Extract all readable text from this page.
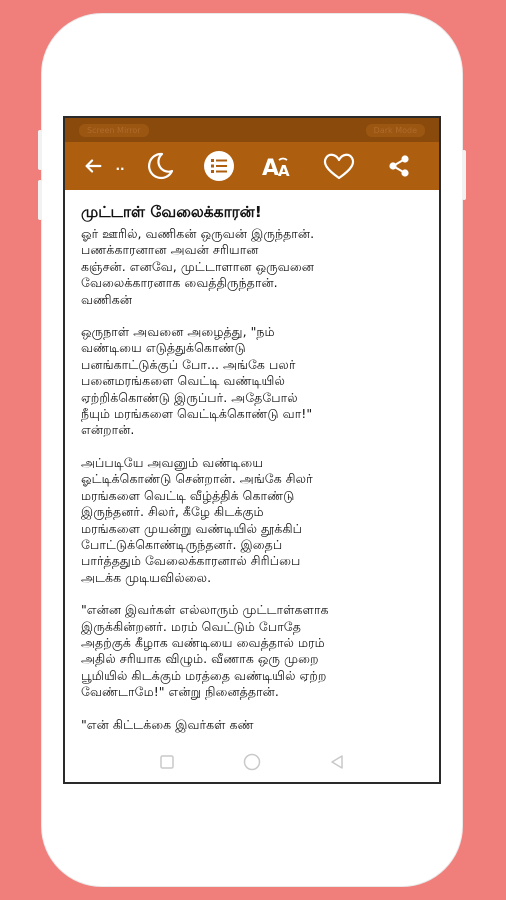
Screen Mirror	Dark Mode
..	A
A

முட்டாள் வேலைக்காரன்!

ஓர் ஊரில், வணிகன் ஒருவன் இருந்தான்.
பணக்காரனான அவன் சரியான
கஞ்சன். எனவே, முட்டாளான ஒருவனை
வேலைக்காரனாக வைத்திருந்தான்.
வணிகன்

ஒருநாள் அவனை அழைத்து, "நம்
வண்டியை எடுத்துக்கொண்டு
பனங்காட்டுக்குப் போ... அங்கே பலர்
பனைமரங்களை வெட்டி வண்டியில்
ஏற்றிக்கொண்டு இருப்பர். அதேபோல்
நீயும் மரங்களை வெட்டிக்கொண்டு வா!"
என்றான்.

அப்படியே அவனும் வண்டியை
ஓட்டிக்கொண்டு சென்றான். அங்கே சிலர்
மரங்களை வெட்டி வீழ்த்திக் கொண்டு
இருந்தனர். சிலர், கீழே கிடக்கும்
மரங்களை முயன்று வண்டியில் தூக்கிப்
போட்டுக்கொண்டிருந்தனர். இதைப்
பார்த்ததும் வேலைக்காரனால் சிரிப்பை
அடக்க முடியவில்லை.

"என்ன இவர்கள் எல்லாரும் முட்டாள்களாக
இருக்கின்றனர். மரம் வெட்டும் போதே
அதற்குக் கீழாக வண்டியை வைத்தால் மரம்
அதில் சரியாக விழும். வீணாக ஒரு முறை
பூமியில் கிடக்கும் மரத்தை வண்டியில் ஏற்ற
வேண்டாமே!" என்று நினைத்தான்.

"என் கிட்டக்கை இவர்கள் கண்
